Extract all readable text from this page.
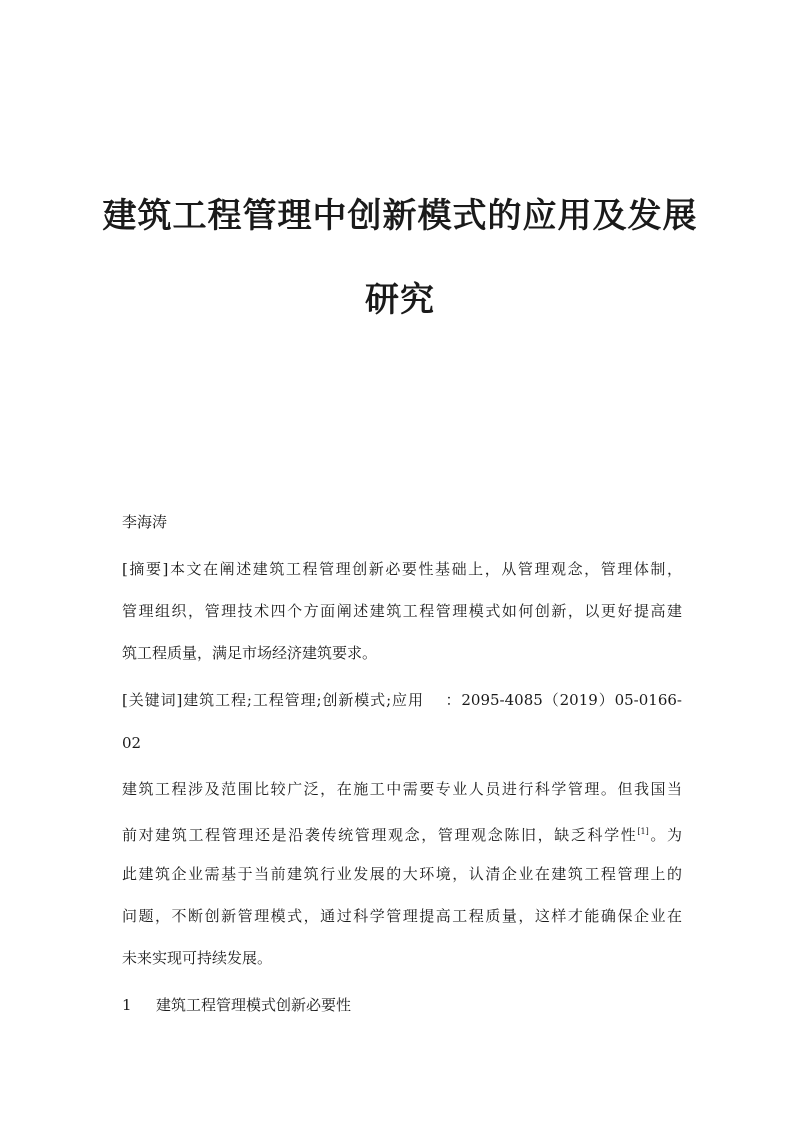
建筑工程管理中创新模式的应用及发展
研究

李海涛

[摘要]本文在阐述建筑工程管理创新必要性基础上，从管理观念，管理体制，

管理组织，管理技术四个方面阐述建筑工程管理模式如何创新，以更好提高建

筑工程质量，满足市场经济建筑要求。

[关键词]建筑工程;工程管理;创新模式;应用　 ：2095-4085（2019）05-0166-

02

建筑工程涉及范围比较广泛，在施工中需要专业人员进行科学管理。但我国当

前对建筑工程管理还是沿袭传统管理观念，管理观念陈旧，缺乏科学性[1]。为

此建筑企业需基于当前建筑行业发展的大环境，认清企业在建筑工程管理上的

问题，不断创新管理模式，通过科学管理提高工程质量，这样才能确保企业在

未来实现可持续发展。

1 建筑工程管理模式创新必要性
